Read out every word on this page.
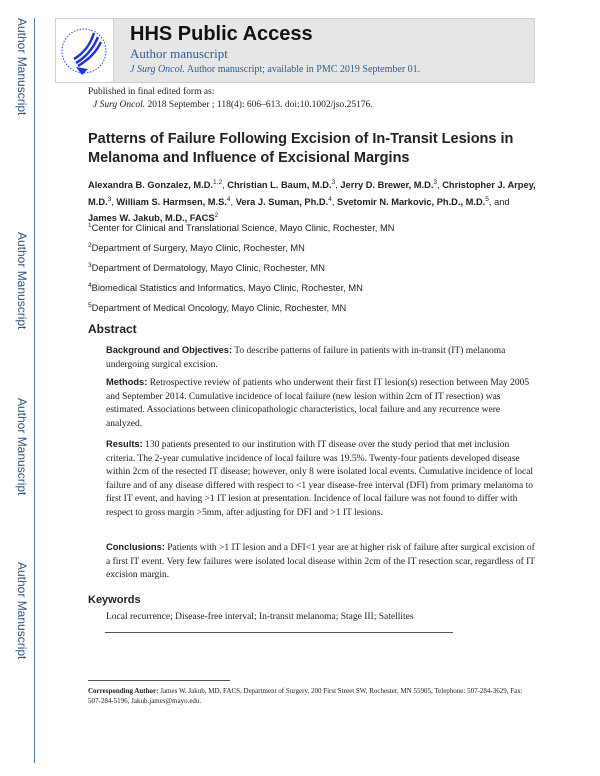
Author Manuscript
Author Manuscript
Author Manuscript
Author Manuscript
HHS Public Access
Author manuscript
J Surg Oncol. Author manuscript; available in PMC 2019 September 01.
Published in final edited form as:
J Surg Oncol. 2018 September ; 118(4): 606–613. doi:10.1002/jso.25176.
Patterns of Failure Following Excision of In-Transit Lesions in Melanoma and Influence of Excisional Margins
Alexandra B. Gonzalez, M.D.$^{1,2}$, Christian L. Baum, M.D.$^3$, Jerry D. Brewer, M.D.$^3$, Christopher J. Arpey, M.D.$^3$, William S. Harmsen, M.S.$^4$, Vera J. Suman, Ph.D.$^4$, Svetomir N. Markovic, Ph.D., M.D.$^5$, and James W. Jakub, M.D., FACS$^2$
$^1$Center for Clinical and Translational Science, Mayo Clinic, Rochester, MN
$^2$Department of Surgery, Mayo Clinic, Rochester, MN
$^3$Department of Dermatology, Mayo Clinic, Rochester, MN
$^4$Biomedical Statistics and Informatics, Mayo Clinic, Rochester, MN
$^5$Department of Medical Oncology, Mayo Clinic, Rochester, MN
Abstract
Background and Objectives: To describe patterns of failure in patients with in-transit (IT) melanoma undergoing surgical excision.
Methods: Retrospective review of patients who underwent their first IT lesion(s) resection between May 2005 and September 2014. Cumulative incidence of local failure (new lesion within 2cm of IT resection) was estimated. Associations between clinicopathologic characteristics, local failure and any recurrence were analyzed.
Results: 130 patients presented to our institution with IT disease over the study period that met inclusion criteria. The 2-year cumulative incidence of local failure was 19.5%. Twenty-four patients developed disease within 2cm of the resected IT disease; however, only 8 were isolated local events. Cumulative incidence of local failure and of any disease differed with respect to <1 year disease-free interval (DFI) from primary melanoma to first IT event, and having >1 IT lesion at presentation. Incidence of local failure was not found to differ with respect to gross margin >5mm, after adjusting for DFI and >1 IT lesions.
Conclusions: Patients with >1 IT lesion and a DFI<1 year are at higher risk of failure after surgical excision of a first IT event. Very few failures were isolated local disease within 2cm of the IT resection scar, regardless of IT excision margin.
Keywords
Local recurrence; Disease-free interval; In-transit melanoma; Stage III; Satellites
Corresponding Author: James W. Jakub, MD, FACS, Department of Surgery, 200 First Street SW, Rochester, MN 55905, Telephone: 507-284-3629, Fax: 507-284-5196, Jakub.james@mayo.edu.
